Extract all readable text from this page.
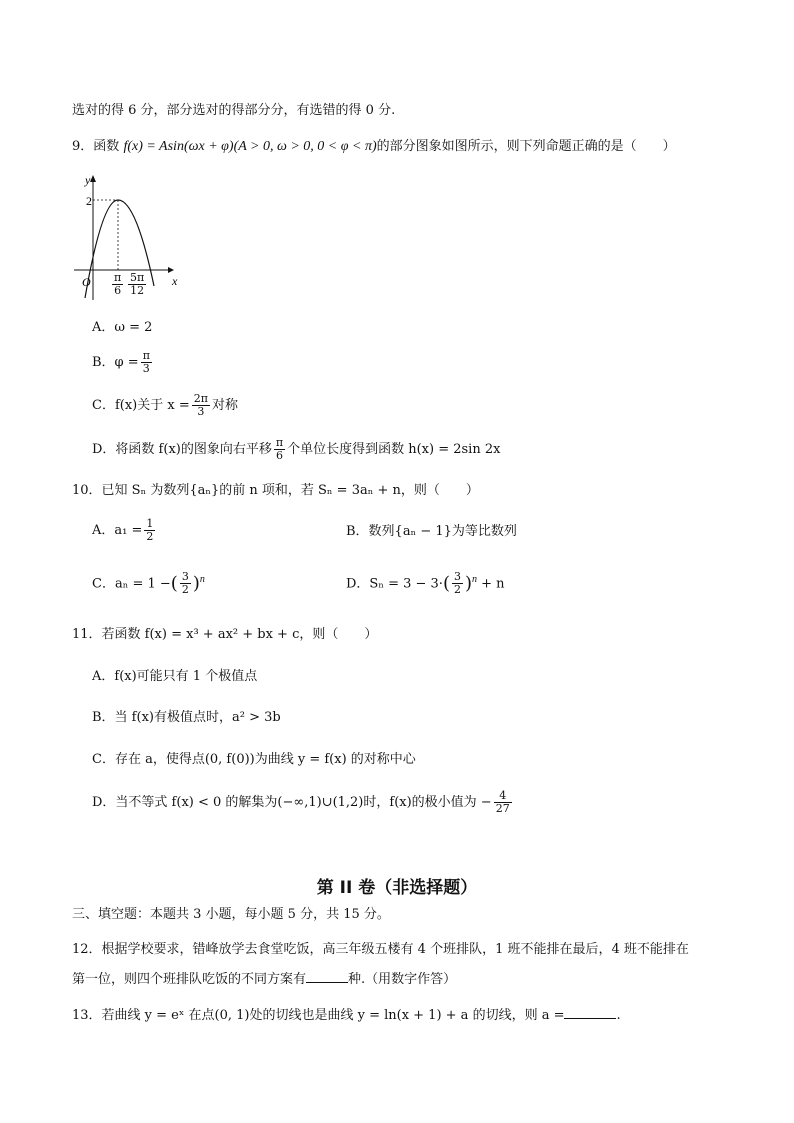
选对的得 6 分，部分选对的得部分分，有选错的得 0 分.
9．函数 f(x) = Asin(ωx + φ)(A > 0, ω > 0, 0 < φ < π)的部分图象如图所示，则下列命题正确的是（　　）
y
x
O
2
$\frac{\pi}{6} \frac{5\pi}{12}$
A．ω = 2
B．$\varphi = \frac{\pi}{3}$
C．f(x)关于 $x = \frac{2\pi}{3}$ 对称
D．将函数 f(x)的图象向右平移 $\frac{\pi}{6}$ 个单位长度得到函数 h(x) = 2sin 2x
10．已知 Sₙ 为数列{aₙ}的前 n 项和，若 Sₙ = 3aₙ + n，则（　　）
A．$a_1 = \frac{1}{2}$	B．数列{aₙ − 1}为等比数列
C．aₙ = 1 −( $\frac{3}{2} )^n$	D．$S_n = 3 - 3\cdot( \frac{3}{2} )^n + n$
11．若函数 f(x) = x³ + ax² + bx + c，则（　　）
A．f(x)可能只有 1 个极值点
B．当 f(x)有极值点时，a² > 3b
C．存在 a，使得点(0, f(0))为曲线 y = f(x) 的对称中心
D．当不等式 f(x) < 0 的解集为(−∞,1)∪(1,2)时，f(x)的极小值为 − $\frac{4}{27}$
第 II 卷（非选择题）
三、填空题：本题共 3 小题，每小题 5 分，共 15 分。
12．根据学校要求，错峰放学去食堂吃饭，高三年级五楼有 4 个班排队，1 班不能排在最后，4 班不能排在
第一位，则四个班排队吃饭的不同方案有	种.（用数字作答）
13．若曲线 y = eˣ 在点(0, 1)处的切线也是曲线 y = ln(x + 1) + a 的切线，则 a =	.
